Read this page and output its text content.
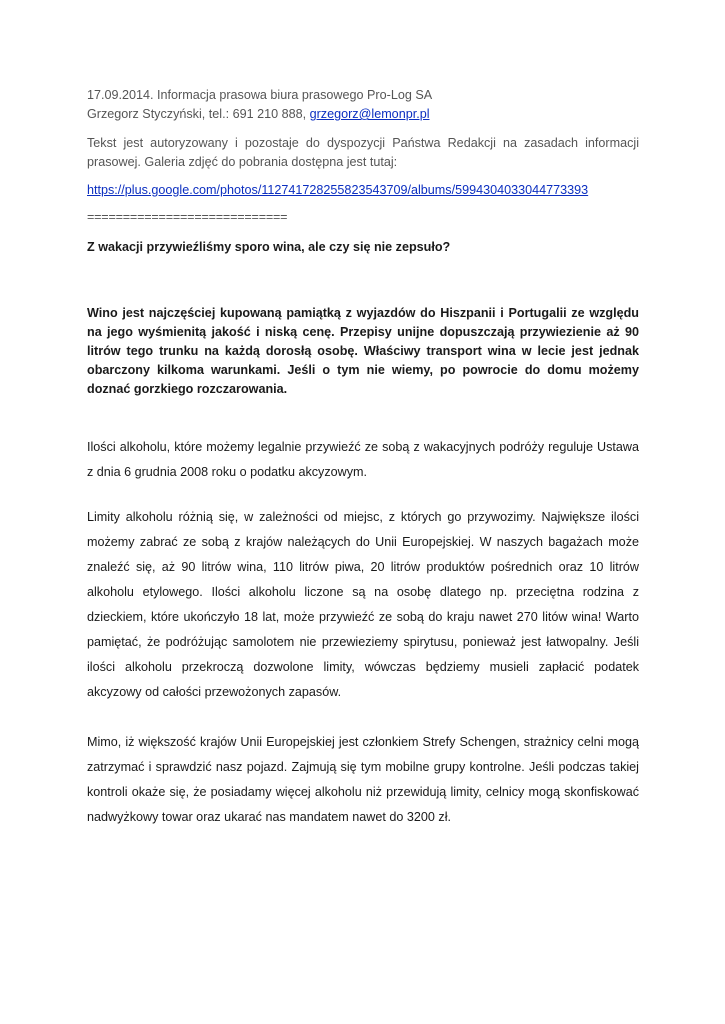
17.09.2014. Informacja prasowa biura prasowego Pro-Log SA
Grzegorz Styczyński, tel.: 691 210 888, grzegorz@lemonpr.pl
Tekst jest autoryzowany i pozostaje do dyspozycji Państwa Redakcji na zasadach informacji prasowej. Galeria zdjęć do pobrania dostępna jest tutaj:
https://plus.google.com/photos/112741728255823543709/albums/5994304033044773393
============================
Z wakacji przywieźliśmy sporo wina, ale czy się nie zepsuło?
Wino jest najczęściej kupowaną pamiątką z wyjazdów do Hiszpanii i Portugalii ze względu na jego wyśmienitą jakość i niską cenę. Przepisy unijne dopuszczają przywiezienie aż 90 litrów tego trunku na każdą dorosłą osobę. Właściwy transport wina w lecie jest jednak obarczony kilkoma warunkami. Jeśli o tym nie wiemy, po powrocie do domu możemy doznać gorzkiego rozczarowania.
Ilości alkoholu, które możemy legalnie przywieźć ze sobą z wakacyjnych podróży reguluje Ustawa z dnia 6 grudnia 2008 roku o podatku akcyzowym.
Limity alkoholu różnią się, w zależności od miejsc, z których go przywozimy. Największe ilości możemy zabrać ze sobą z krajów należących do Unii Europejskiej. W naszych bagażach może znaleźć się, aż 90 litrów wina, 110 litrów piwa, 20 litrów produktów pośrednich oraz 10 litrów alkoholu etylowego. Ilości alkoholu liczone są na osobę dlatego np. przeciętna rodzina z dzieckiem, które ukończyło 18 lat, może przywieźć ze sobą do kraju nawet 270 litów wina! Warto pamiętać, że podróżując samolotem nie przewieziemy spirytusu, ponieważ jest łatwopalny. Jeśli ilości alkoholu przekroczą dozwolone limity, wówczas będziemy musieli zapłacić podatek akcyzowy od całości przewożonych zapasów.
Mimo, iż większość krajów Unii Europejskiej jest członkiem Strefy Schengen, strażnicy celni mogą zatrzymać i sprawdzić nasz pojazd. Zajmują się tym mobilne grupy kontrolne. Jeśli podczas takiej kontroli okaże się, że posiadamy więcej alkoholu niż przewidują limity, celnicy mogą skonfiskować nadwyżkowy towar oraz ukarać nas mandatem nawet do 3200 zł.
